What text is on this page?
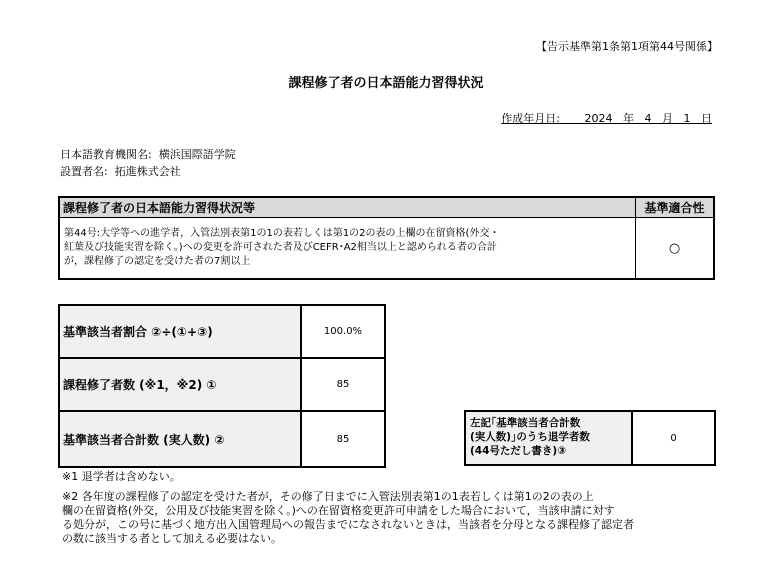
【告示基準第1条第1項第44号関係】
課程修了者の日本語能力習得状況
作成年月日: 2024 年 4 月 1 日
日本語教育機関名: 横浜国際語学院
設置者名: 拓進株式会社
課程修了者の日本語能力習得状況等	基準適合性

第44号:大学等への進学者，入管法別表第1の1の表若しくは第1の2の表の上欄の在留資格(外交・
紅葉及び技能実習を除く。)への変更を許可された者及びCEFR･A2相当以上と認められる者の合計
が，課程修了の認定を受けた者の7割以上	○
基準該当者割合 ②÷(①+③)	100.0%
課程修了者数 (※1，※2) ①	85
基準該当者合計数 (実人数) ②	85
左記｢基準該当者合計数
(実人数)｣のうち退学者数
(44号ただし書き)③
0
※1 退学者は含めない。
※2 各年度の課程修了の認定を受けた者が，その修了日までに入管法別表第1の1表若しくは第1の2の表の上
欄の在留資格(外交，公用及び技能実習を除く。)への在留資格変更許可申請をした場合において，当該申請に対す
る処分が，この号に基づく地方出入国管理局への報告までになされないときは，当該者を分母となる課程修了認定者
の数に該当する者として加える必要はない。
